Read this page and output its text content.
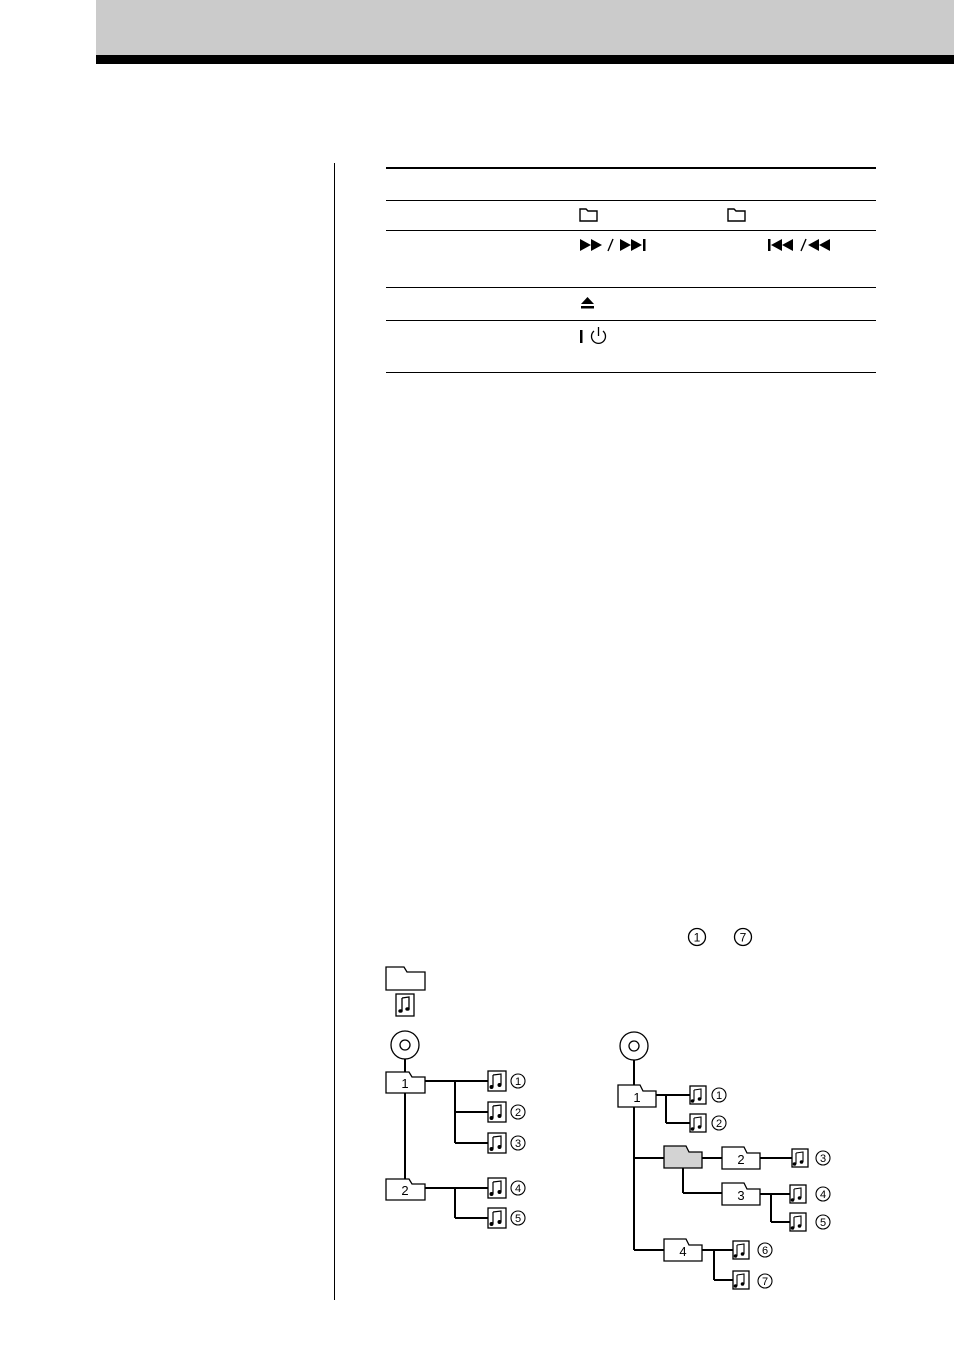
1	7
1
2
1
2
3
4
5
1
2
3
4
1
2
3
4
5
6
7
